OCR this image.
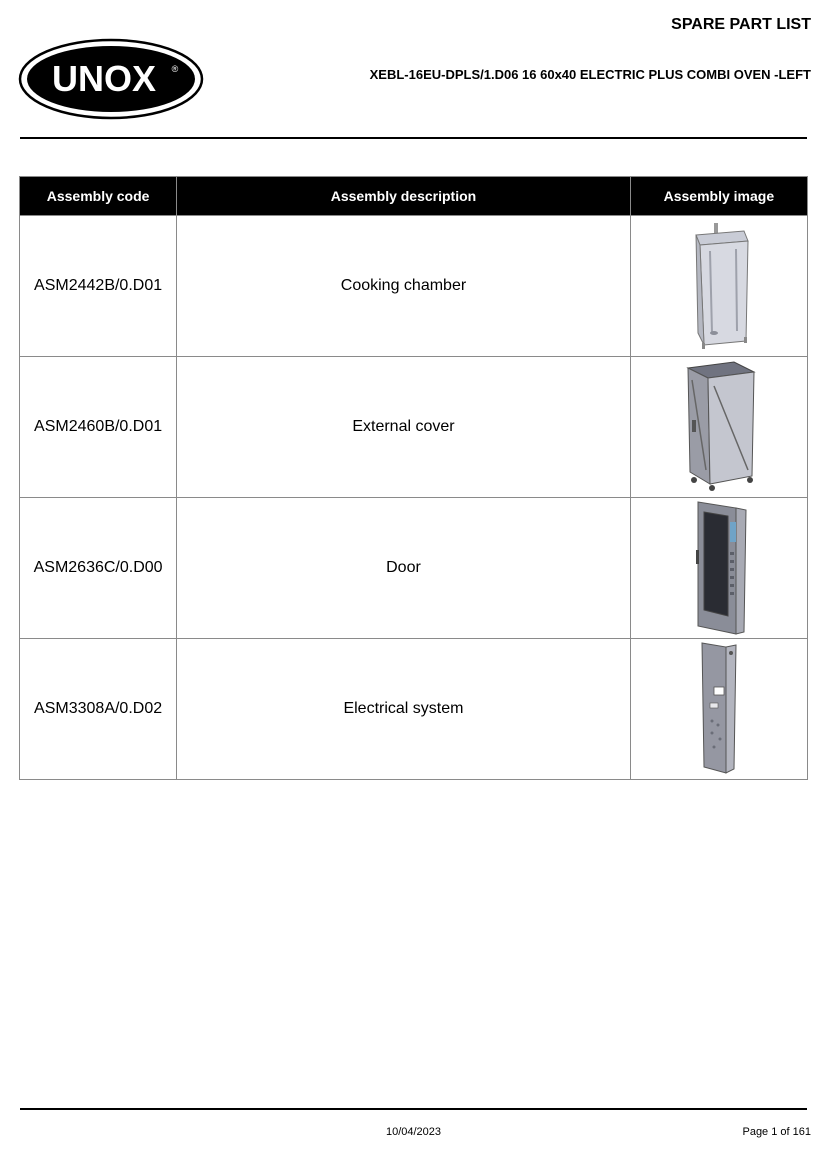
UNOX ®
SPARE PART LIST
XEBL-16EU-DPLS/1.D06 16 60x40 ELECTRIC PLUS COMBI OVEN -LEFT
Assembly code	Assembly description	Assembly image
ASM2442B/0.D01	Cooking chamber	

ASM2460B/0.D01	External cover	

ASM2636C/0.D00	Door	

ASM3308A/0.D02	Electrical system	
10/04/2023	Page 1 of 161
